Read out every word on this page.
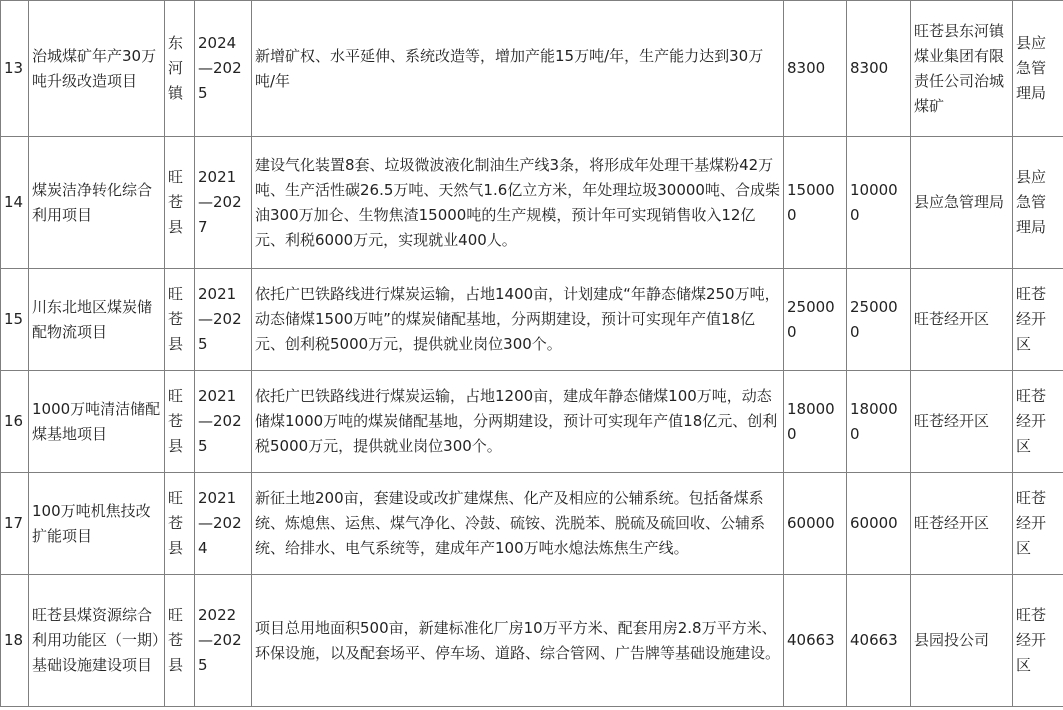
13	治城煤矿年产30万吨升级改造项目	东河镇	2024—2025	新增矿权、水平延伸、系统改造等，增加产能15万吨/年，生产能力达到30万吨/年	8300	8300	旺苍县东河镇煤业集团有限责任公司治城煤矿	县应急管理局
14	煤炭洁净转化综合利用项目	旺苍县	2021—2027	建设气化装置8套、垃圾微波液化制油生产线3条，将形成年处理干基煤粉42万吨、生产活性碳26.5万吨、天然气1.6亿立方米，年处理垃圾30000吨、合成柴油300万加仑、生物焦渣15000吨的生产规模，预计年可实现销售收入12亿元、利税6000万元，实现就业400人。	150000	100000	县应急管理局	县应急管理局
15	川东北地区煤炭储配物流项目	旺苍县	2021—2025	依托广巴铁路线进行煤炭运输，占地1400亩，计划建成“年静态储煤250万吨，动态储煤1500万吨”的煤炭储配基地，分两期建设，预计可实现年产值18亿元、创利税5000万元，提供就业岗位300个。	250000	250000	旺苍经开区	旺苍经开区
16	1000万吨清洁储配煤基地项目	旺苍县	2021—2025	依托广巴铁路线进行煤炭运输，占地1200亩，建成年静态储煤100万吨，动态储煤1000万吨的煤炭储配基地，分两期建设，预计可实现年产值18亿元、创利税5000万元，提供就业岗位300个。	180000	180000	旺苍经开区	旺苍经开区
17	100万吨机焦技改扩能项目	旺苍县	2021—2024	新征土地200亩，套建设或改扩建煤焦、化产及相应的公辅系统。包括备煤系统、炼熄焦、运焦、煤气净化、冷鼓、硫铵、洗脱苯、脱硫及硫回收、公辅系统、给排水、电气系统等，建成年产100万吨水熄法炼焦生产线。	60000	60000	旺苍经开区	旺苍经开区
18	旺苍县煤资源综合利用功能区（一期）基础设施建设项目	旺苍县	2022—2025	项目总用地面积500亩，新建标准化厂房10万平方米、配套用房2.8万平方米、环保设施，以及配套场平、停车场、道路、综合管网、广告牌等基础设施建设。	40663	40663	县园投公司	旺苍经开区
